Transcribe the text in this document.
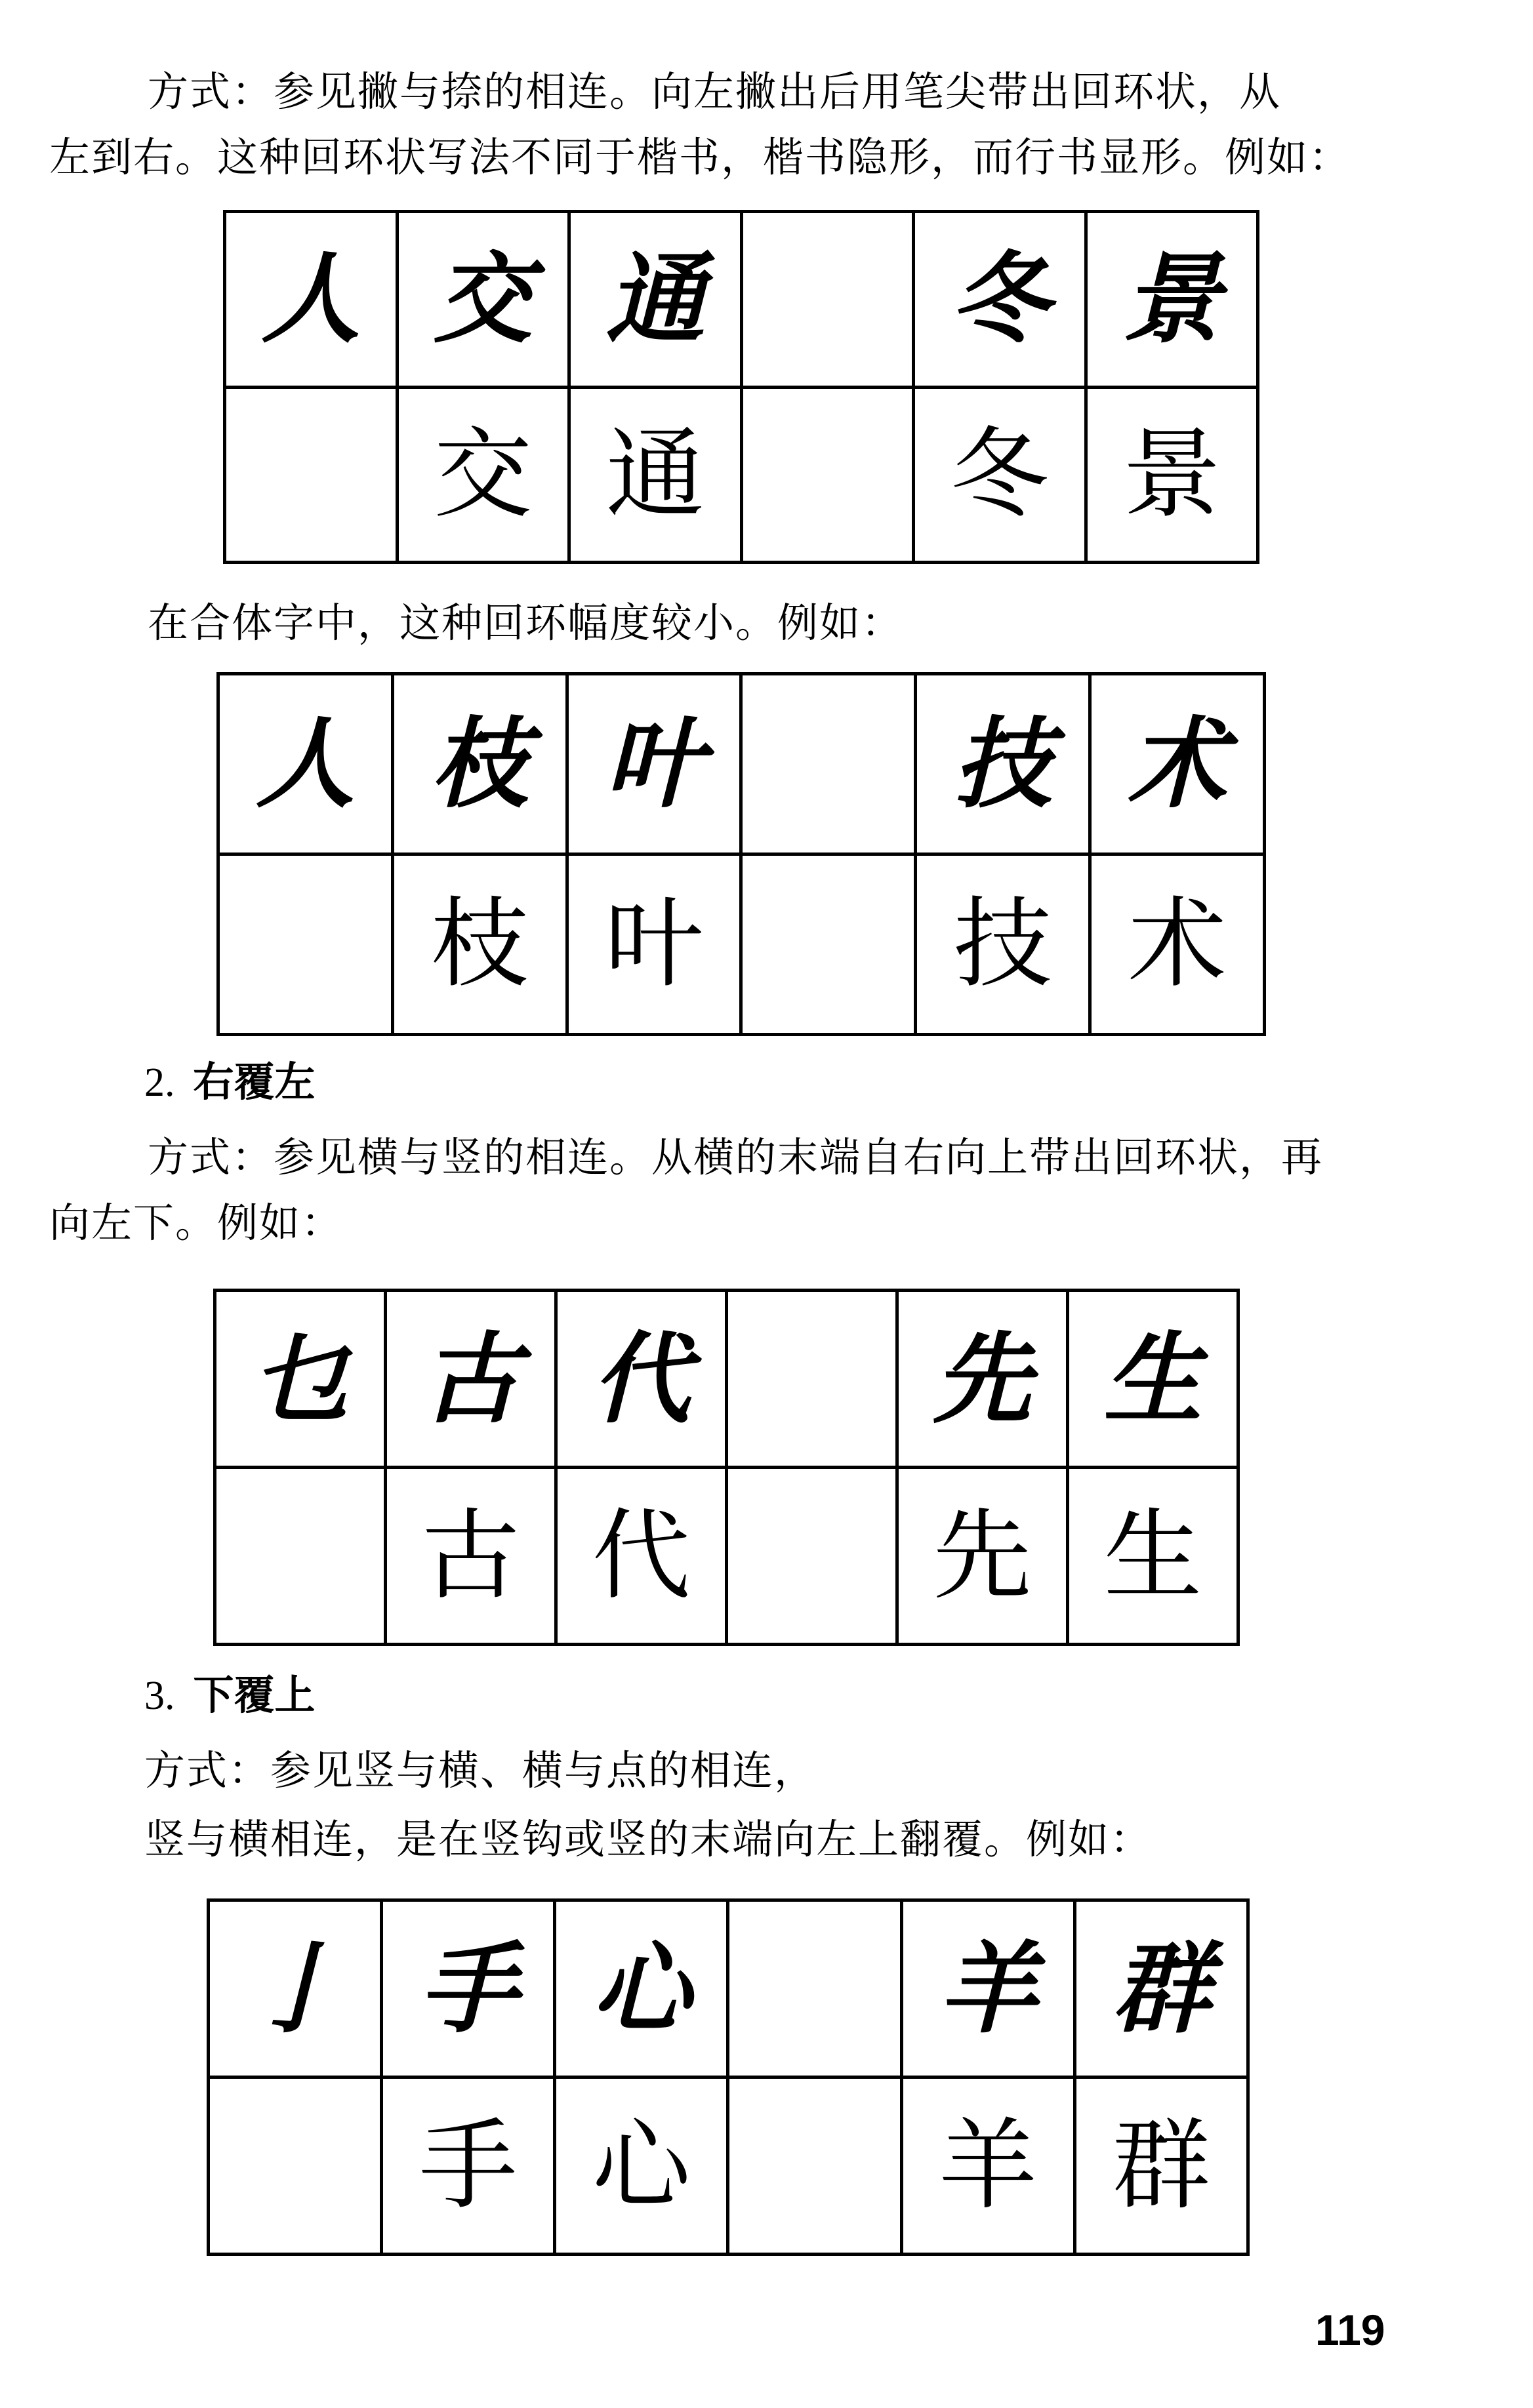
方式：参见撇与捺的相连。向左撇出后用笔尖带出回环状，从
左到右。这种回环状写法不同于楷书，楷书隐形，而行书显形。例如：
人	交	通		冬	景
	交	通		冬	景
在合体字中，这种回环幅度较小。例如：
人	枝	叶		技	术
	枝	叶		技	术
2. 右覆左
方式：参见横与竖的相连。从横的末端自右向上带出回环状，再
向左下。例如：
乜	古	代		先	生
	古	代		先	生
3. 下覆上
方式：参见竖与横、横与点的相连，
竖与横相连，是在竖钩或竖的末端向左上翻覆。例如：
亅	手	心		羊	群
	手	心		羊	群
119
